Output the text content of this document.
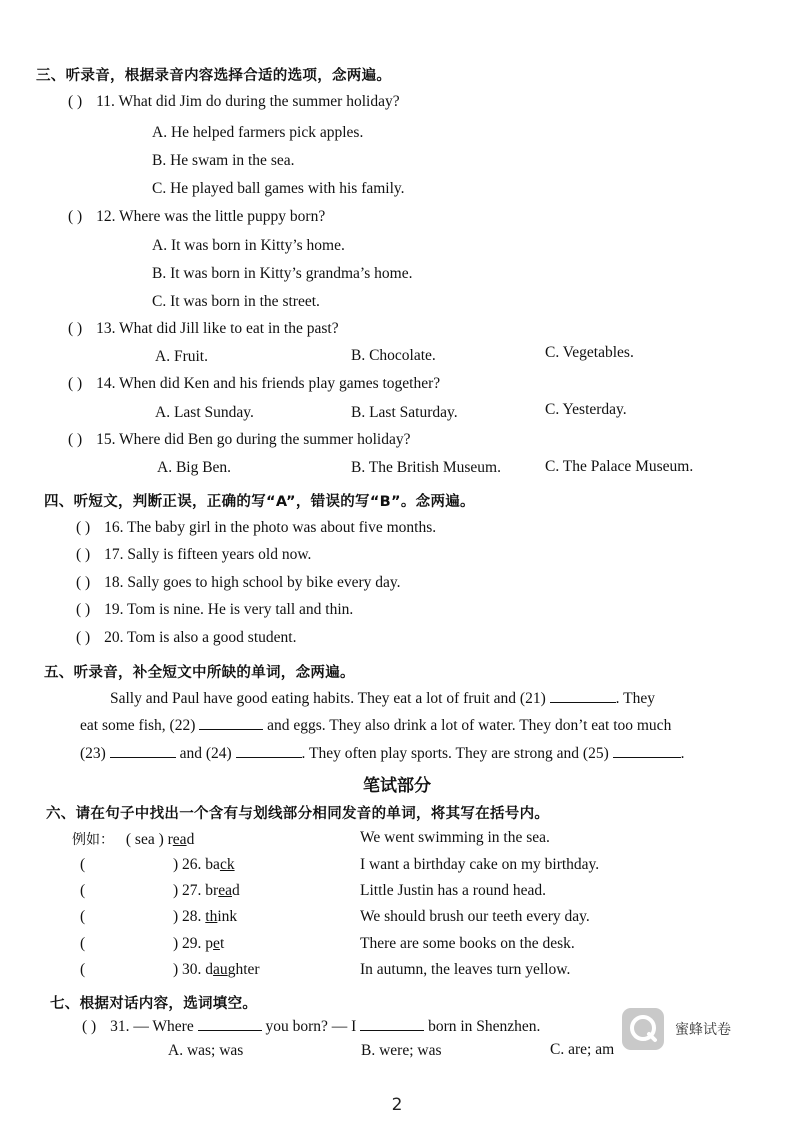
三、听录音，根据录音内容选择合适的选项，念两遍。
( ) 11. What did Jim do during the summer holiday?
A. He helped farmers pick apples.
B. He swam in the sea.
C. He played ball games with his family.
( ) 12. Where was the little puppy born?
A. It was born in Kitty’s home.
B. It was born in Kitty’s grandma’s home.
C. It was born in the street.
( ) 13. What did Jill like to eat in the past?
A. Fruit.	B. Chocolate.	C. Vegetables.
( ) 14. When did Ken and his friends play games together?
A. Last Sunday.	B. Last Saturday.	C. Yesterday.
( ) 15. Where did Ben go during the summer holiday?
A. Big Ben.	B. The British Museum.	C. The Palace Museum.
四、听短文，判断正误，正确的写“A”，错误的写“B”。念两遍。
( ) 16. The baby girl in the photo was about five months.
( ) 17. Sally is fifteen years old now.
( ) 18. Sally goes to high school by bike every day.
( ) 19. Tom is nine. He is very tall and thin.
( ) 20. Tom is also a good student.
五、听录音，补全短文中所缺的单词，念两遍。
Sally and Paul have good eating habits. They eat a lot of fruit and (21)	. They
eat some fish, (22)	and eggs. They also drink a lot of water. They don’t eat too much
(23)	and (24)	. They often play sports. They are strong and (25)	.
笔试部分
六、请在句子中找出一个含有与划线部分相同发音的单词，将其写在括号内。
例如： ( sea ) read	We went swimming in the sea.
(	) 26. back	I want a birthday cake on my birthday.
(	) 27. bread	Little Justin has a round head.
(	) 28. think	We should brush our teeth every day.
(	) 29. pet	There are some books on the desk.
(	) 30. daughter	In autumn, the leaves turn yellow.
七、根据对话内容，选词填空。
( ) 31. — Where	you born? — I	born in Shenzhen.
A. was; was	B. were; was	C. are; am
蜜蜂试卷
2
